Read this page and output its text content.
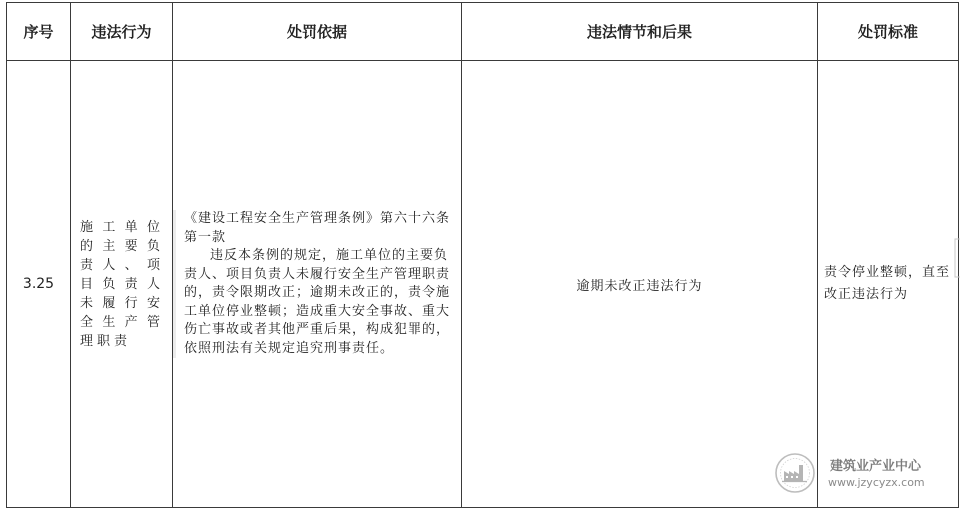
序号	违法行为	处罚依据	违法情节和后果	处罚标准
3.25	施工单位的主要负责人、项目负责人未履行安全生产管理职责	《建设工程安全生产管理条例》第六十六条第一款
违反本条例的规定，施工单位的主要负责人、项目负责人未履行安全生产管理职责的，责令限期改正；逾期未改正的，责令施工单位停业整顿；造成重大安全事故、重大伤亡事故或者其他严重后果，构成犯罪的，依照刑法有关规定追究刑事责任。	逾期未改正违法行为	责令停业整顿，直至改正违法行为
建筑业产业中心
www.jzycyzx.com
